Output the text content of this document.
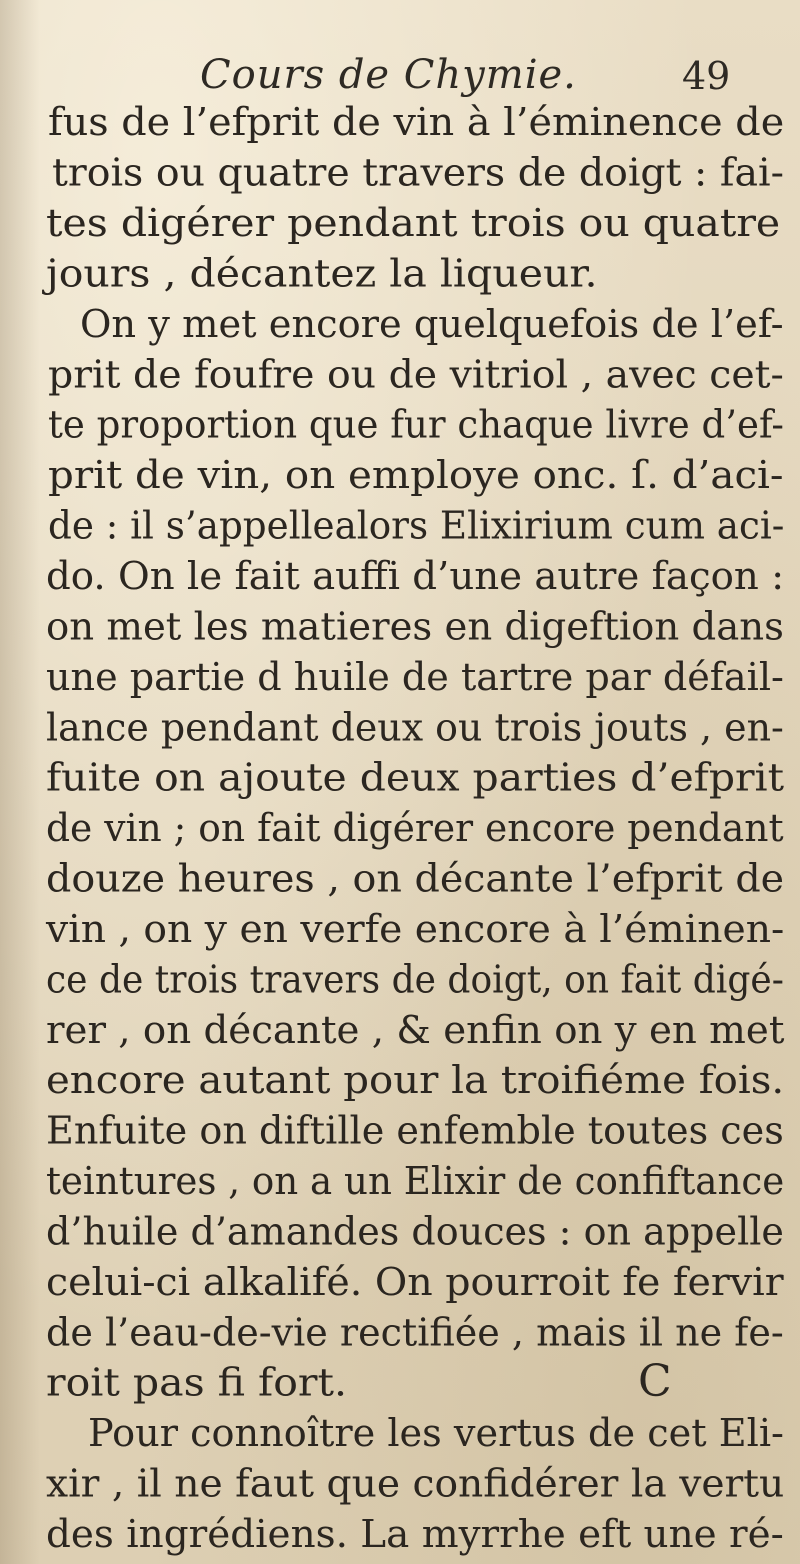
Cours de Chymie.	49
fus de l’efprit de vin à l’éminence de
trois ou quatre travers de doigt : fai-
tes digérer pendant trois ou quatre
jours , décantez la liqueur.
On y met encore quelquefois de l’ef-
prit de foufre ou de vitriol , avec cet-
te proportion que fur chaque livre d’ef-
prit de vin, on employe onc. ſ. d’aci-
de : il s’appellealors Elixirium cum aci-
do. On le fait auffi d’une autre façon :
on met les matieres en digeftion dans
une partie d huile de tartre par défail-
lance pendant deux ou trois jouts , en-
fuite on ajoute deux parties d’efprit
de vin ; on fait digérer encore pendant
douze heures , on décante l’efprit de
vin , on y en verfe encore à l’éminen-
ce de trois travers de doigt, on fait digé-
rer , on décante , & enfin on y en met
encore autant pour la troifiéme fois.
Enfuite on diftille enfemble toutes ces
teintures , on a un Elixir de confiftance
d’huile d’amandes douces : on appelle
celui-ci alkalifé. On pourroit fe fervir
de l’eau-de-vie rectifiée , mais il ne fe-
roit pas fi fort.
Pour connoître les vertus de cet Eli-
xir , il ne faut que confidérer la vertu
des ingrédiens. La myrrhe eft une ré-
C
